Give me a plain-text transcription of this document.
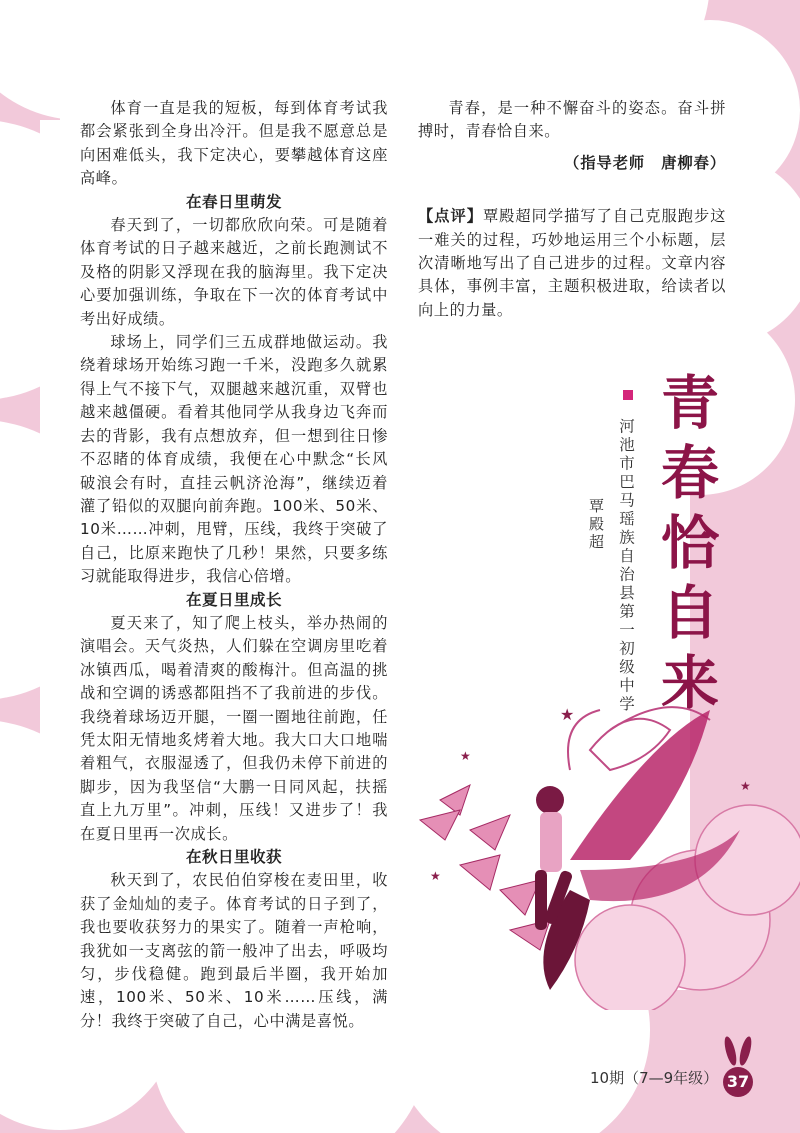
体育一直是我的短板，每到体育考试我都会紧张到全身出冷汗。但是我不愿意总是向困难低头，我下定决心，要攀越体育这座高峰。

在春日里萌发

春天到了，一切都欣欣向荣。可是随着体育考试的日子越来越近，之前长跑测试不及格的阴影又浮现在我的脑海里。我下定决心要加强训练，争取在下一次的体育考试中考出好成绩。

球场上，同学们三五成群地做运动。我绕着球场开始练习跑一千米，没跑多久就累得上气不接下气，双腿越来越沉重，双臂也越来越僵硬。看着其他同学从我身边飞奔而去的背影，我有点想放弃，但一想到往日惨不忍睹的体育成绩，我便在心中默念“长风破浪会有时，直挂云帆济沧海”，继续迈着灌了铅似的双腿向前奔跑。100米、50米、10米……冲刺，甩臂，压线，我终于突破了自己，比原来跑快了几秒！果然，只要多练习就能取得进步，我信心倍增。

在夏日里成长

夏天来了，知了爬上枝头，举办热闹的演唱会。天气炎热，人们躲在空调房里吃着冰镇西瓜，喝着清爽的酸梅汁。但高温的挑战和空调的诱惑都阻挡不了我前进的步伐。我绕着球场迈开腿，一圈一圈地往前跑，任凭太阳无情地炙烤着大地。我大口大口地喘着粗气，衣服湿透了，但我仍未停下前进的脚步，因为我坚信“大鹏一日同风起，扶摇直上九万里”。冲刺，压线！又进步了！我在夏日里再一次成长。

在秋日里收获

秋天到了，农民伯伯穿梭在麦田里，收获了金灿灿的麦子。体育考试的日子到了，我也要收获努力的果实了。随着一声枪响，我犹如一支离弦的箭一般冲了出去，呼吸均匀，步伐稳健。跑到最后半圈，我开始加速，100米、50米、10米……压线，满分！我终于突破了自己，心中满是喜悦。

青春，是一种不懈奋斗的姿态。奋斗拼搏时，青春恰自来。

（指导老师　唐柳春）

【点评】覃殿超同学描写了自己克服跑步这一难关的过程，巧妙地运用三个小标题，层次清晰地写出了自己进步的过程。文章内容具体，事例丰富，主题积极进取，给读者以向上的力量。

青
春
恰
自
来
河池市巴马瑶族自治县第一初级中学
覃殿超
★
★
★
★
10期（7—9年级） 37
